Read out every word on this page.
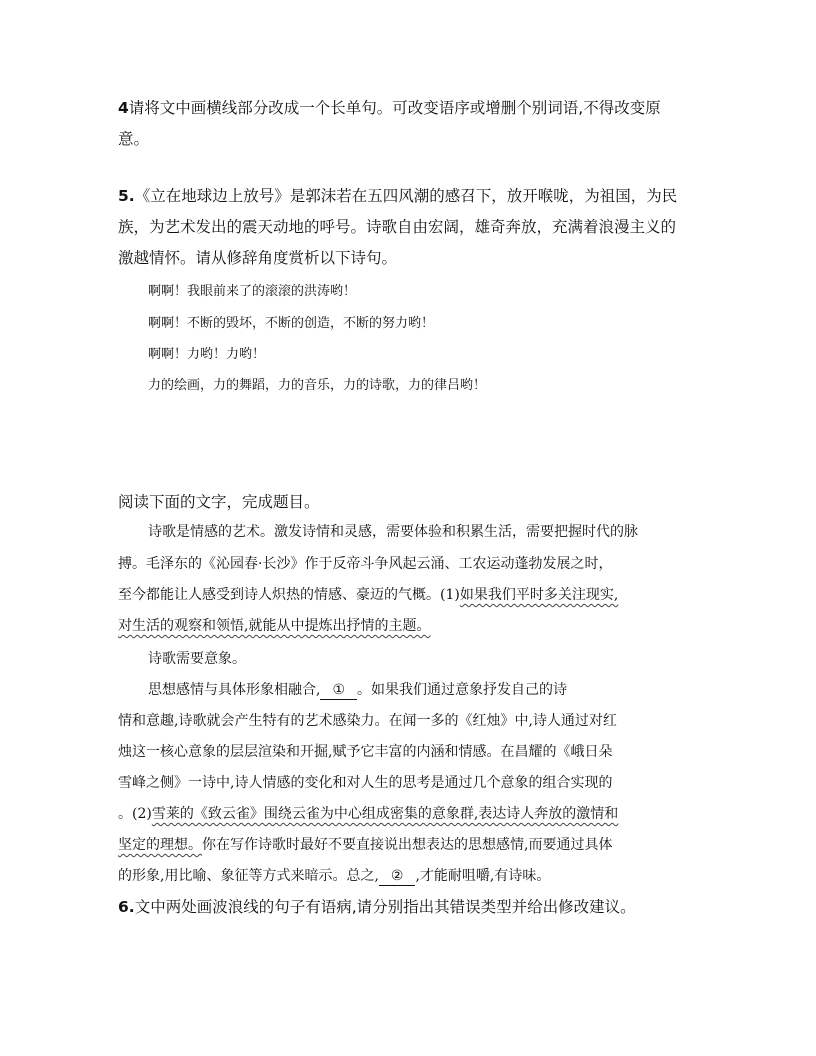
4请将文中画横线部分改成一个长单句。可改变语序或增删个别词语,不得改变原
意。
5.《立在地球边上放号》是郭沫若在五四风潮的感召下，放开喉咙，为祖国，为民
族，为艺术发出的震天动地的呼号。诗歌自由宏阔，雄奇奔放，充满着浪漫主义的
激越情怀。请从修辞角度赏析以下诗句。
啊啊！我眼前来了的滚滚的洪涛哟！
啊啊！不断的毁坏，不断的创造，不断的努力哟！
啊啊！力哟！力哟！
力的绘画，力的舞蹈，力的音乐，力的诗歌，力的律吕哟！
阅读下面的文字，完成题目。
诗歌是情感的艺术。激发诗情和灵感，需要体验和积累生活，需要把握时代的脉
搏。毛泽东的《沁园春·长沙》作于反帝斗争风起云涌、工农运动蓬勃发展之时，
至今都能让人感受到诗人炽热的情感、豪迈的气概。(1)如果我们平时多关注现实,
对生活的观察和领悟,就能从中提炼出抒情的主题。
诗歌需要意象。
思想感情与具体形象相融合, ① 。如果我们通过意象抒发自己的诗
情和意趣,诗歌就会产生特有的艺术感染力。在闻一多的《红烛》中,诗人通过对红
烛这一核心意象的层层渲染和开掘,赋予它丰富的内涵和情感。在昌耀的《峨日朵
雪峰之侧》一诗中,诗人情感的变化和对人生的思考是通过几个意象的组合实现的
。(2)雪莱的《致云雀》围绕云雀为中心组成密集的意象群,表达诗人奔放的激情和
坚定的理想。你在写作诗歌时最好不要直接说出想表达的思想感情,而要通过具体
的形象,用比喻、象征等方式来暗示。总之, ② ,才能耐咀嚼,有诗味。
6.文中两处画波浪线的句子有语病,请分别指出其错误类型并给出修改建议。
